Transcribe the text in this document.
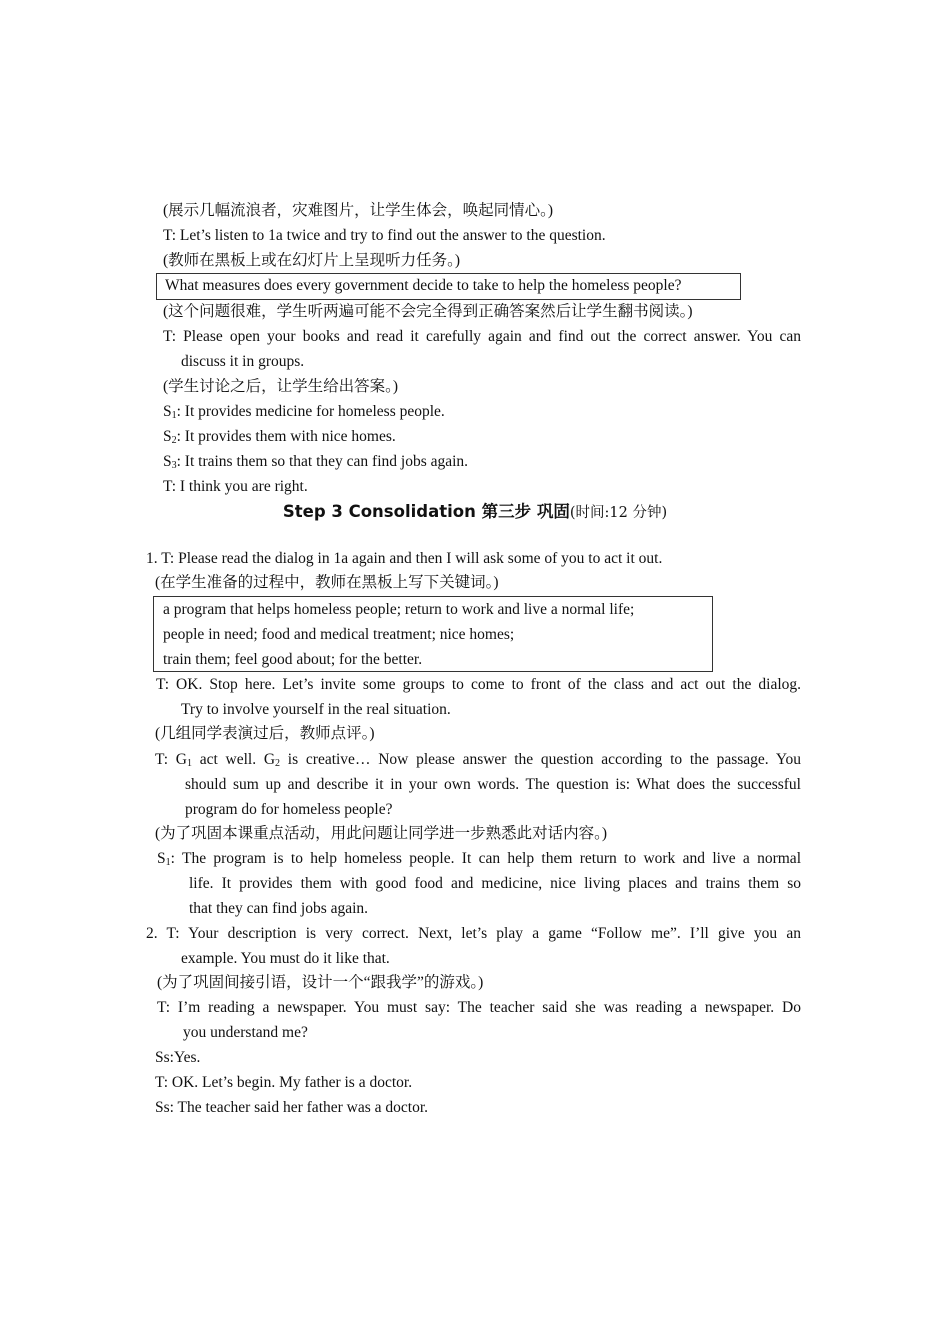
(展示几幅流浪者，灾难图片，让学生体会，唤起同情心。)
T: Let’s listen to 1a twice and try to find out the answer to the question.
(教师在黑板上或在幻灯片上呈现听力任务。)
What measures does every government decide to take to help the homeless people?
(这个问题很难，学生听两遍可能不会完全得到正确答案然后让学生翻书阅读。)
T: Please open your books and read it carefully again and find out the correct answer. You can
discuss it in groups.
(学生讨论之后，让学生给出答案。)
$S_1$: It provides medicine for homeless people.
$S_2$: It provides them with nice homes.
$S_3$: It trains them so that they can find jobs again.
T: I think you are right.
Step 3 Consolidation 第三步 巩固(时间:12 分钟)
1. T: Please read the dialog in 1a again and then I will ask some of you to act it out.
(在学生准备的过程中，教师在黑板上写下关键词。)
a program that helps homeless people; return to work and live a normal life;
people in need; food and medical treatment; nice homes;
train them; feel good about; for the better.
T: OK. Stop here. Let’s invite some groups to come to front of the class and act out the dialog.
Try to involve yourself in the real situation.
(几组同学表演过后，教师点评。)
T: $G_1$ act well. $G_2$ is creative… Now please answer the question according to the passage. You
should sum up and describe it in your own words. The question is: What does the successful
program do for homeless people?
(为了巩固本课重点活动，用此问题让同学进一步熟悉此对话内容。)
$S_1$: The program is to help homeless people. It can help them return to work and live a normal
life. It provides them with good food and medicine, nice living places and trains them so
that they can find jobs again.
2. T: Your description is very correct. Next, let’s play a game “Follow me”. I’ll give you an
example. You must do it like that.
(为了巩固间接引语，设计一个“跟我学”的游戏。)
T: I’m reading a newspaper. You must say: The teacher said she was reading a newspaper. Do
you understand me?
Ss:Yes.
T: OK. Let’s begin. My father is a doctor.
Ss: The teacher said her father was a doctor.
